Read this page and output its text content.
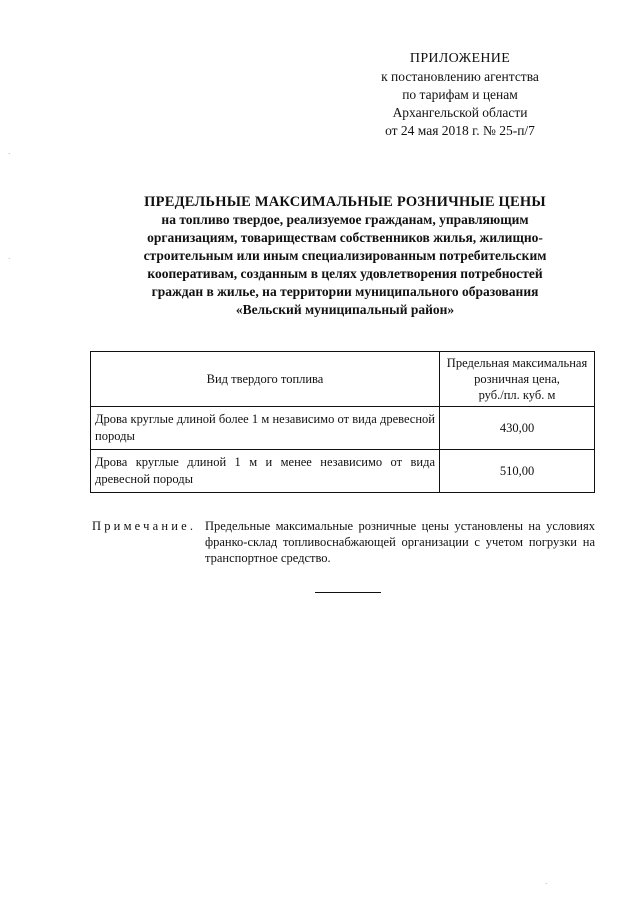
ПРИЛОЖЕНИЕ
к постановлению агентства
по тарифам и ценам
Архангельской области
от 24 мая 2018 г. № 25-п/7
ПРЕДЕЛЬНЫЕ МАКСИМАЛЬНЫЕ РОЗНИЧНЫЕ ЦЕНЫ
на топливо твердое, реализуемое гражданам, управляющим
организациям, товариществам собственников жилья, жилищно-
строительным или иным специализированным потребительским
кооперативам, созданным в целях удовлетворения потребностей
граждан в жилье, на территории муниципального образования
«Вельский муниципальный район»
Вид твердого топлива	Предельная максимальная
розничная цена,
руб./пл. куб. м

Дрова круглые длиной более 1 м независимо от вида древесной породы	430,00
Дрова круглые длиной 1 м и менее независимо от вида древесной породы	510,00
Примечание. Предельные максимальные розничные цены установлены на условиях франко-склад топливоснабжающей организации с учетом погрузки на транспортное средство.
·
·
·
